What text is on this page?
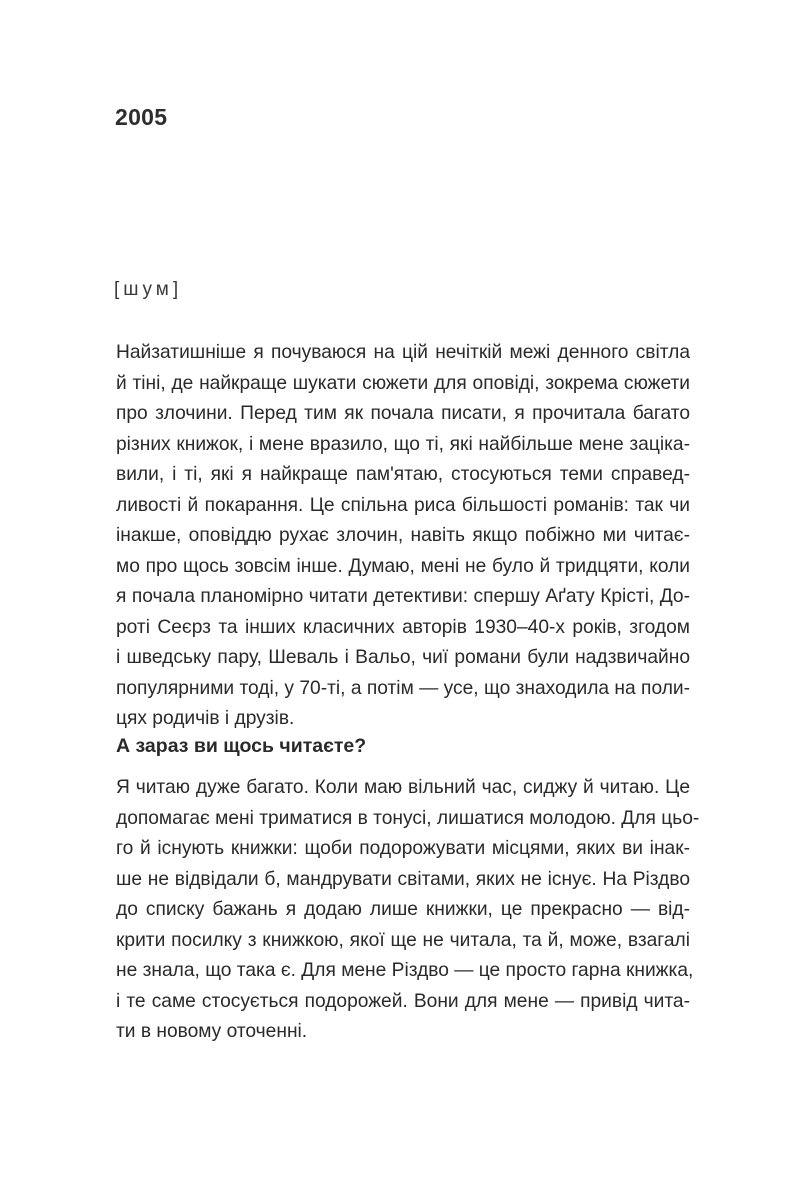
2005
[шум]
Найзатишніше я почуваюся на цій нечіткій межі денного світла
й тіні, де найкраще шукати сюжети для оповіді, зокрема сюжети
про злочини. Перед тим як почала писати, я прочитала багато
різних книжок, і мене вразило, що ті, які найбільше мене заціка-
вили, і ті, які я найкраще пам'ятаю, стосуються теми справед-
ливості й покарання. Це спільна риса більшості романів: так чи
інакше, оповіддю рухає злочин, навіть якщо побіжно ми читає-
мо про щось зовсім інше. Думаю, мені не було й тридцяти, коли
я почала планомірно читати детективи: спершу Аґату Крісті, До-
роті Сеєрз та інших класичних авторів 1930–40-х років, згодом
і шведську пару, Шеваль і Вальо, чиї романи були надзвичайно
популярними тоді, у 70-ті, а потім — усе, що знаходила на поли-
цях родичів і друзів.
А зараз ви щось читаєте?
Я читаю дуже багато. Коли маю вільний час, сиджу й читаю. Це
допомагає мені триматися в тонусі, лишатися молодою. Для цьо-
го й існують книжки: щоби подорожувати місцями, яких ви інак-
ше не відвідали б, мандрувати світами, яких не існує. На Різдво
до списку бажань я додаю лише книжки, це прекрасно — від-
крити посилку з книжкою, якої ще не читала, та й, може, взагалі
не знала, що така є. Для мене Різдво — це просто гарна книжка,
і те саме стосується подорожей. Вони для мене — привід чита-
ти в новому оточенні.
